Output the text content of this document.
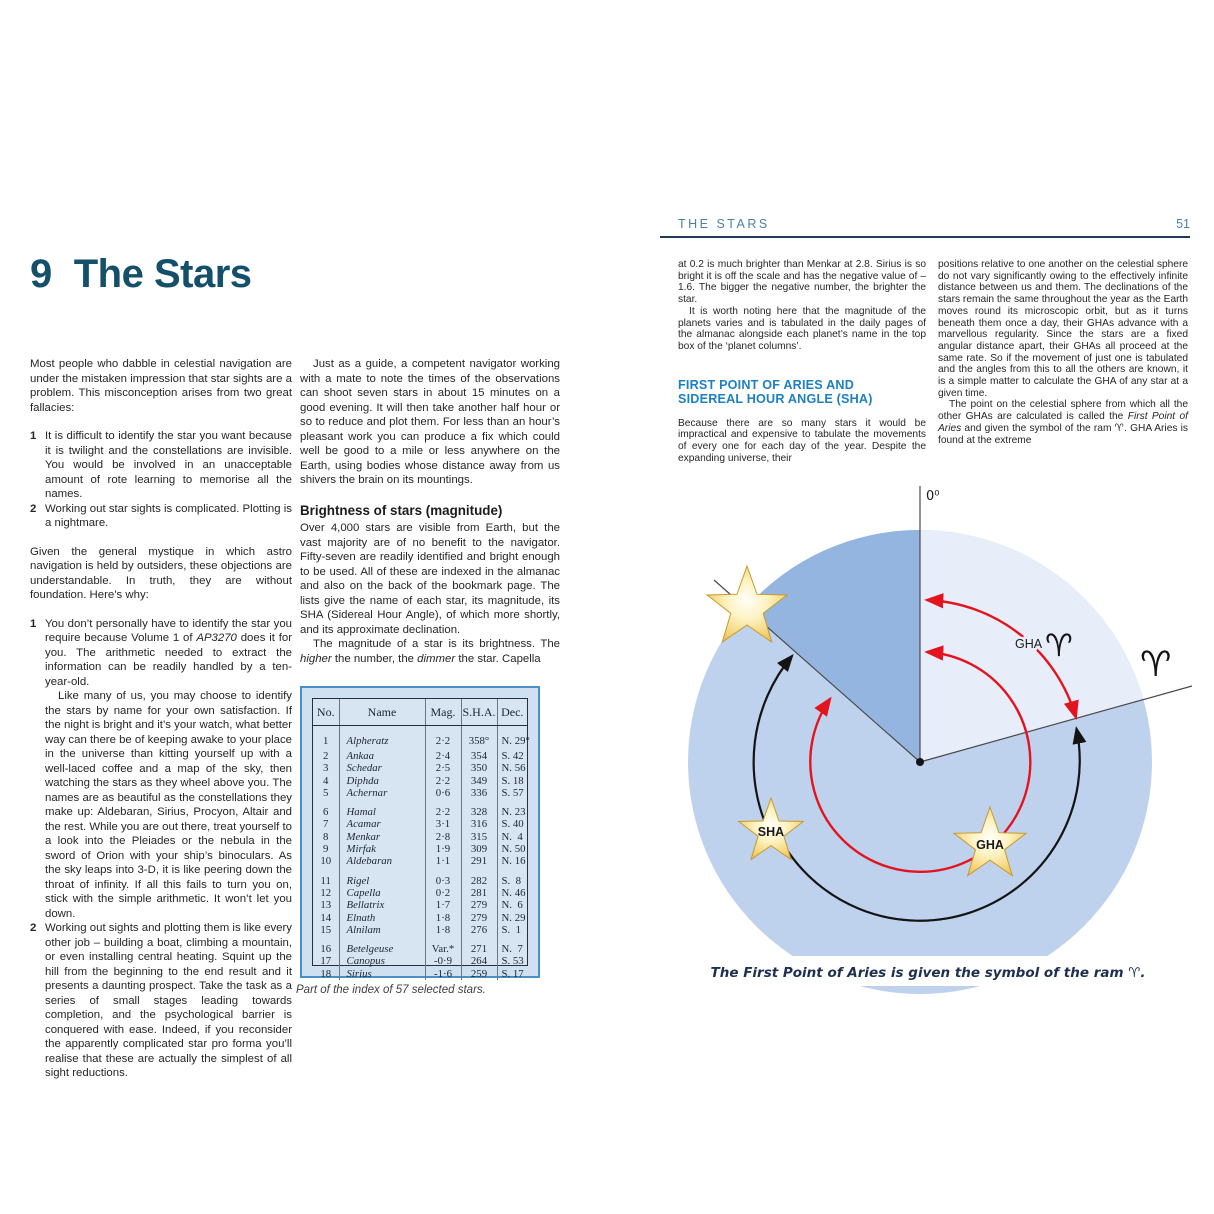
9 The Stars

Most people who dabble in celestial navigation are under the mistaken impression that star sights are a problem. This misconception arises from two great fallacies:

1 It is difficult to identify the star you want because it is twilight and the constellations are invisible. You would be involved in an unacceptable amount of rote learning to memorise all the names.

2 Working out star sights is complicated. Plotting is a nightmare.

Given the general mystique in which astro navigation is held by outsiders, these objections are understandable. In truth, they are without foundation. Here’s why:

1 You don’t personally have to identify the star you require because Volume 1 of AP3270 does it for you. The arithmetic needed to extract the information can be readily handled by a ten-year-old.

Like many of us, you may choose to identify the stars by name for your own satisfaction. If the night is bright and it’s your watch, what better way can there be of keeping awake to your place in the universe than kitting yourself up with a well-laced coffee and a map of the sky, then watching the stars as they wheel above you. The names are as beautiful as the constellations they make up: Aldebaran, Sirius, Procyon, Altair and the rest. While you are out there, treat yourself to a look into the Pleiades or the nebula in the sword of Orion with your ship’s binoculars. As the sky leaps into 3-D, it is like peering down the throat of infinity. If all this fails to turn you on, stick with the simple arithmetic. It won’t let you down.

2 Working out sights and plotting them is like every other job – building a boat, climbing a mountain, or even installing central heating. Squint up the hill from the beginning to the end result and it presents a daunting prospect. Take the task as a series of small stages leading towards completion, and the psychological barrier is conquered with ease. Indeed, if you reconsider the apparently complicated star pro forma you’ll realise that these are actually the simplest of all sight reductions.

Just as a guide, a competent navigator working with a mate to note the times of the observations can shoot seven stars in about 15 minutes on a good evening. It will then take another half hour or so to reduce and plot them. For less than an hour’s pleasant work you can produce a fix which could well be good to a mile or less anywhere on the Earth, using bodies whose distance away from us shivers the brain on its mountings.

Brightness of stars (magnitude)

Over 4,000 stars are visible from Earth, but the vast majority are of no benefit to the navigator. Fifty-seven are readily identified and bright enough to be used. All of these are indexed in the almanac and also on the back of the bookmark page. The lists give the name of each star, its magnitude, its SHA (Sidereal Hour Angle), of which more shortly, and its approximate declination.

The magnitude of a star is its brightness. The higher the number, the dimmer the star. Capella

No.	Name	Mag.	S.H.A.	Dec.
1	Alpheratz	2·2	358°	N. 29°
2	Ankaa	2·4	354	S. 42
3	Schedar	2·5	350	N. 56
4	Diphda	2·2	349	S. 18
5	Achernar	0·6	336	S. 57

6	Hamal	2·2	328	N. 23
7	Acamar	3·1	316	S. 40
8	Menkar	2·8	315	N.  4
9	Mirfak	1·9	309	N. 50
10	Aldebaran	1·1	291	N. 16

11	Rigel	0·3	282	S.  8
12	Capella	0·2	281	N. 46
13	Bellatrix	1·7	279	N.  6
14	Elnath	1·8	279	N. 29
15	Alnilam	1·8	276	S.  1

16	Betelgeuse	Var.*	271	N.  7
17	Canopus	-0·9	264	S. 53
18	Sirius	-1·6	259	S. 17
Part of the index of 57 selected stars.
THE STARS	51

at 0.2 is much brighter than Menkar at 2.8. Sirius is so bright it is off the scale and has the negative value of –1.6. The bigger the negative number, the brighter the star.

It is worth noting here that the magnitude of the planets varies and is tabulated in the daily pages of the almanac alongside each planet’s name in the top box of the ‘planet columns’.

FIRST POINT OF ARIES AND
SIDEREAL HOUR ANGLE (SHA)

Because there are so many stars it would be impractical and expensive to tabulate the movements of every one for each day of the year. Despite the expanding universe, their

positions relative to one another on the celestial sphere do not vary significantly owing to the effectively infinite distance between us and them. The declinations of the stars remain the same throughout the year as the Earth moves round its microscopic orbit, but as it turns beneath them once a day, their GHAs advance with a marvellous regularity. Since the stars are a fixed angular distance apart, their GHAs all proceed at the same rate. So if the movement of just one is tabulated and the angles from this to all the others are known, it is a simple matter to calculate the GHA of any star at a given time.

The point on the celestial sphere from which all the other GHAs are calculated is called the First Point of Aries and given the symbol of the ram ♈. GHA Aries is found at the extreme

0⁰
GHA ♈ ♈
SHA
GHA
The First Point of Aries is given the symbol of the ram ♈.
